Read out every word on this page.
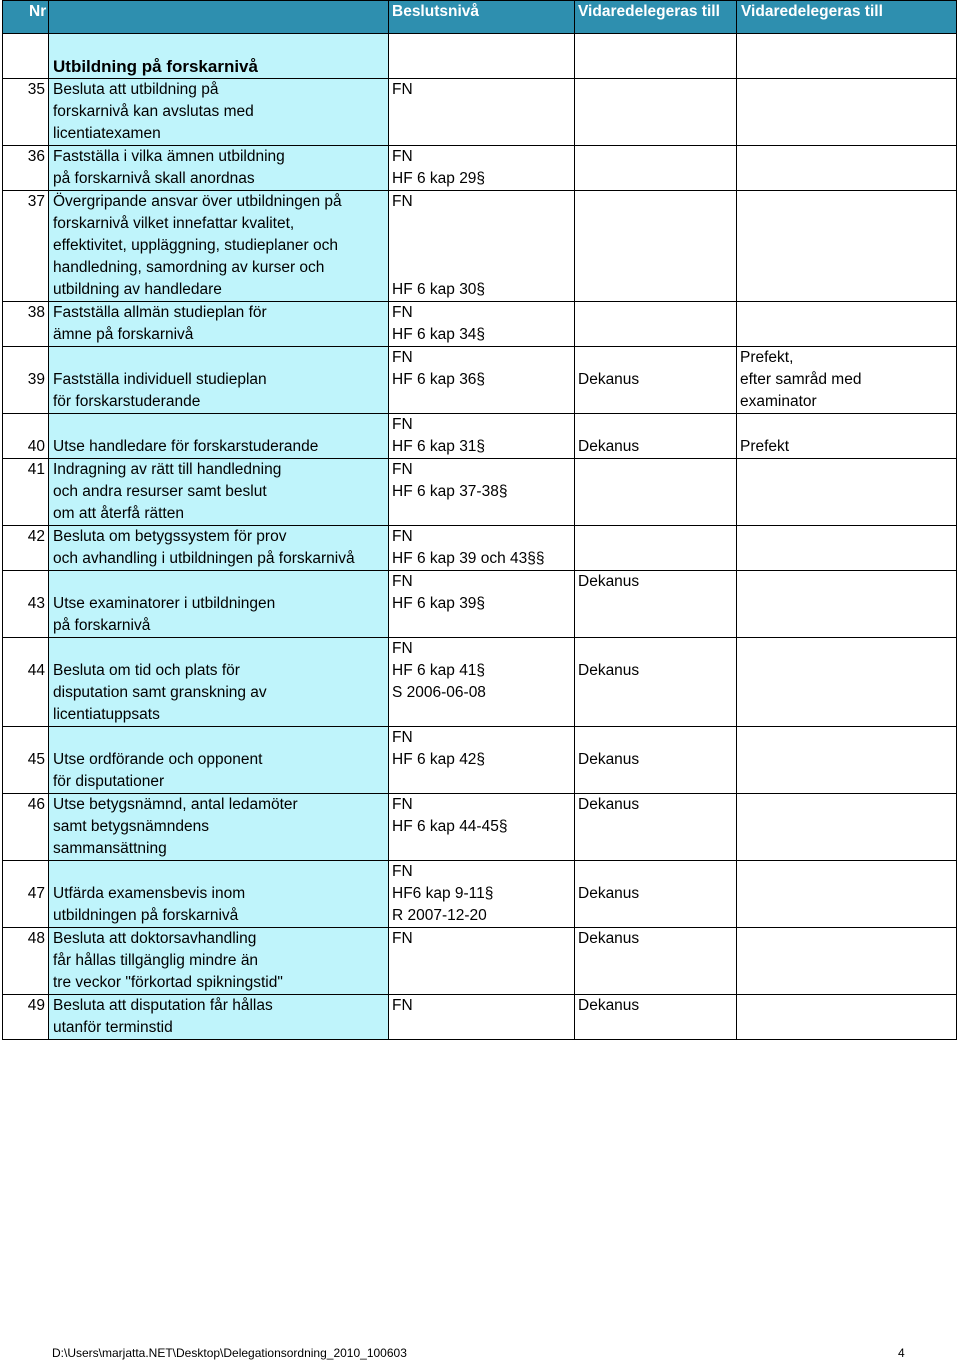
Nr		Beslutsnivå	Vidaredelegeras till	Vidaredelegeras till
	Utbildning på forskarnivå			

35	Besluta att utbildning på
forskarnivå kan avslutas med
licentiatexamen	FN		

36	Fastställa i vilka ämnen utbildning
på forskarnivå skall anordnas	FN
HF 6 kap 29§		

37	Övergripande ansvar över utbildningen på
forskarnivå vilket innefattar kvalitet,
effektivitet, uppläggning, studieplaner och
handledning, samordning av kurser och
utbildning av handledare	FN
HF 6 kap 30§		

38	Fastställa allmän studieplan för
ämne på forskarnivå	FN
HF 6 kap 34§		

39	Fastställa individuell studieplan
för forskarstuderande	FN
HF 6 kap 36§	Dekanus	Prefekt,
efter samråd med
examinator

40	Utse handledare för forskarstuderande	FN
HF 6 kap 31§	Dekanus	Prefekt

41	Indragning av rätt till handledning
och andra resurser samt beslut
om att återfå rätten	FN
HF 6 kap 37-38§		

42	Besluta om betygssystem för prov
och avhandling i utbildningen på forskarnivå	FN
HF 6 kap 39 och 43§§		

43	Utse examinatorer i utbildningen
på forskarnivå	FN
HF 6 kap 39§	Dekanus	

44	Besluta om tid och plats för
disputation samt granskning av
licentiatuppsats	FN
HF 6 kap 41§
S 2006-06-08	Dekanus	

45	Utse ordförande och opponent
för disputationer	FN
HF 6 kap 42§	Dekanus	

46	Utse betygsnämnd, antal ledamöter
samt betygsnämndens
sammansättning	FN
HF 6 kap 44-45§	Dekanus	

47	Utfärda examensbevis inom
utbildningen på forskarnivå	FN
HF6 kap 9-11§
R 2007-12-20	Dekanus	

48	Besluta att doktorsavhandling
får hållas tillgänglig mindre än
tre veckor "förkortad spikningstid"	FN	Dekanus	

49	Besluta att disputation får hållas
utanför terminstid	FN	Dekanus	

D:\Users\marjatta.NET\Desktop\Delegationsordning_2010_100603	4
